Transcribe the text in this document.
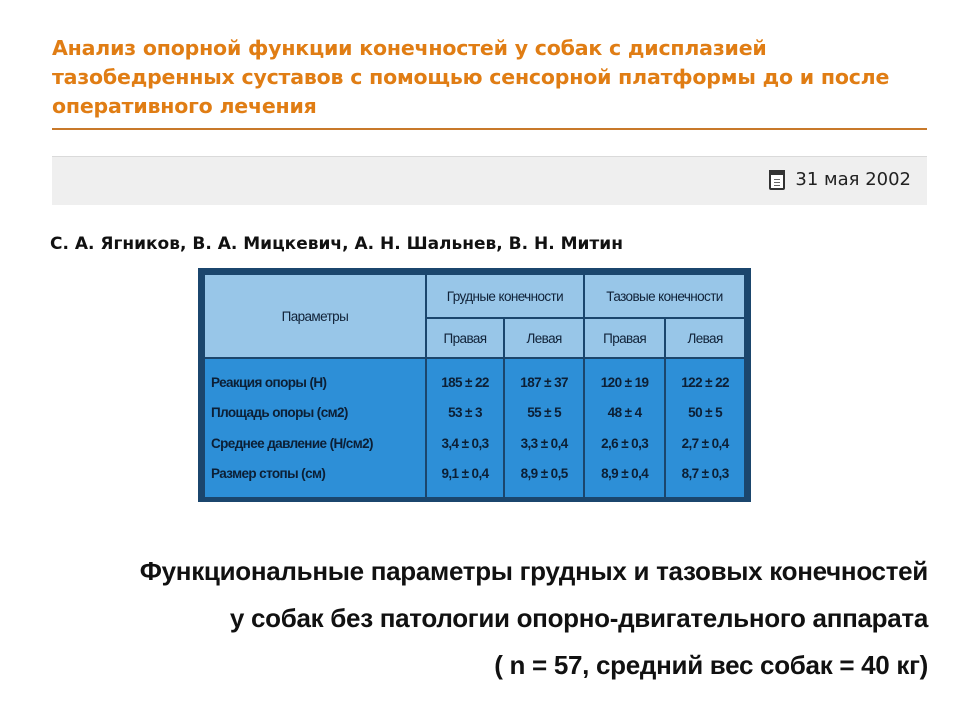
Анализ опорной функции конечностей у собак с дисплазией тазобедренных суставов с помощью сенсорной платформы до и после оперативного лечения
31 мая 2002

С. А. Ягников, В. А. Мицкевич, А. Н. Шальнев, В. Н. Митин

Параметры	Грудные конечности		Тазовые конечности	
	Правая	Левая	Правая	Левая
Реакция опоры (Н)	185 ± 22	187 ± 37	120 ± 19	122 ± 22
Площадь опоры (см2)	53 ± 3	55 ± 5	48 ± 4	50 ± 5
Среднее давление (Н/см2)	3,4 ± 0,3	3,3 ± 0,4	2,6 ± 0,3	2,7 ± 0,4
Размер стопы (см)	9,1 ± 0,4	8,9 ± 0,5	8,9 ± 0,4	8,7 ± 0,3

Функциональные параметры грудных и тазовых конечностей
у собак без патологии опорно-двигательного аппарата
( n = 57, средний вес собак = 40 кг)
